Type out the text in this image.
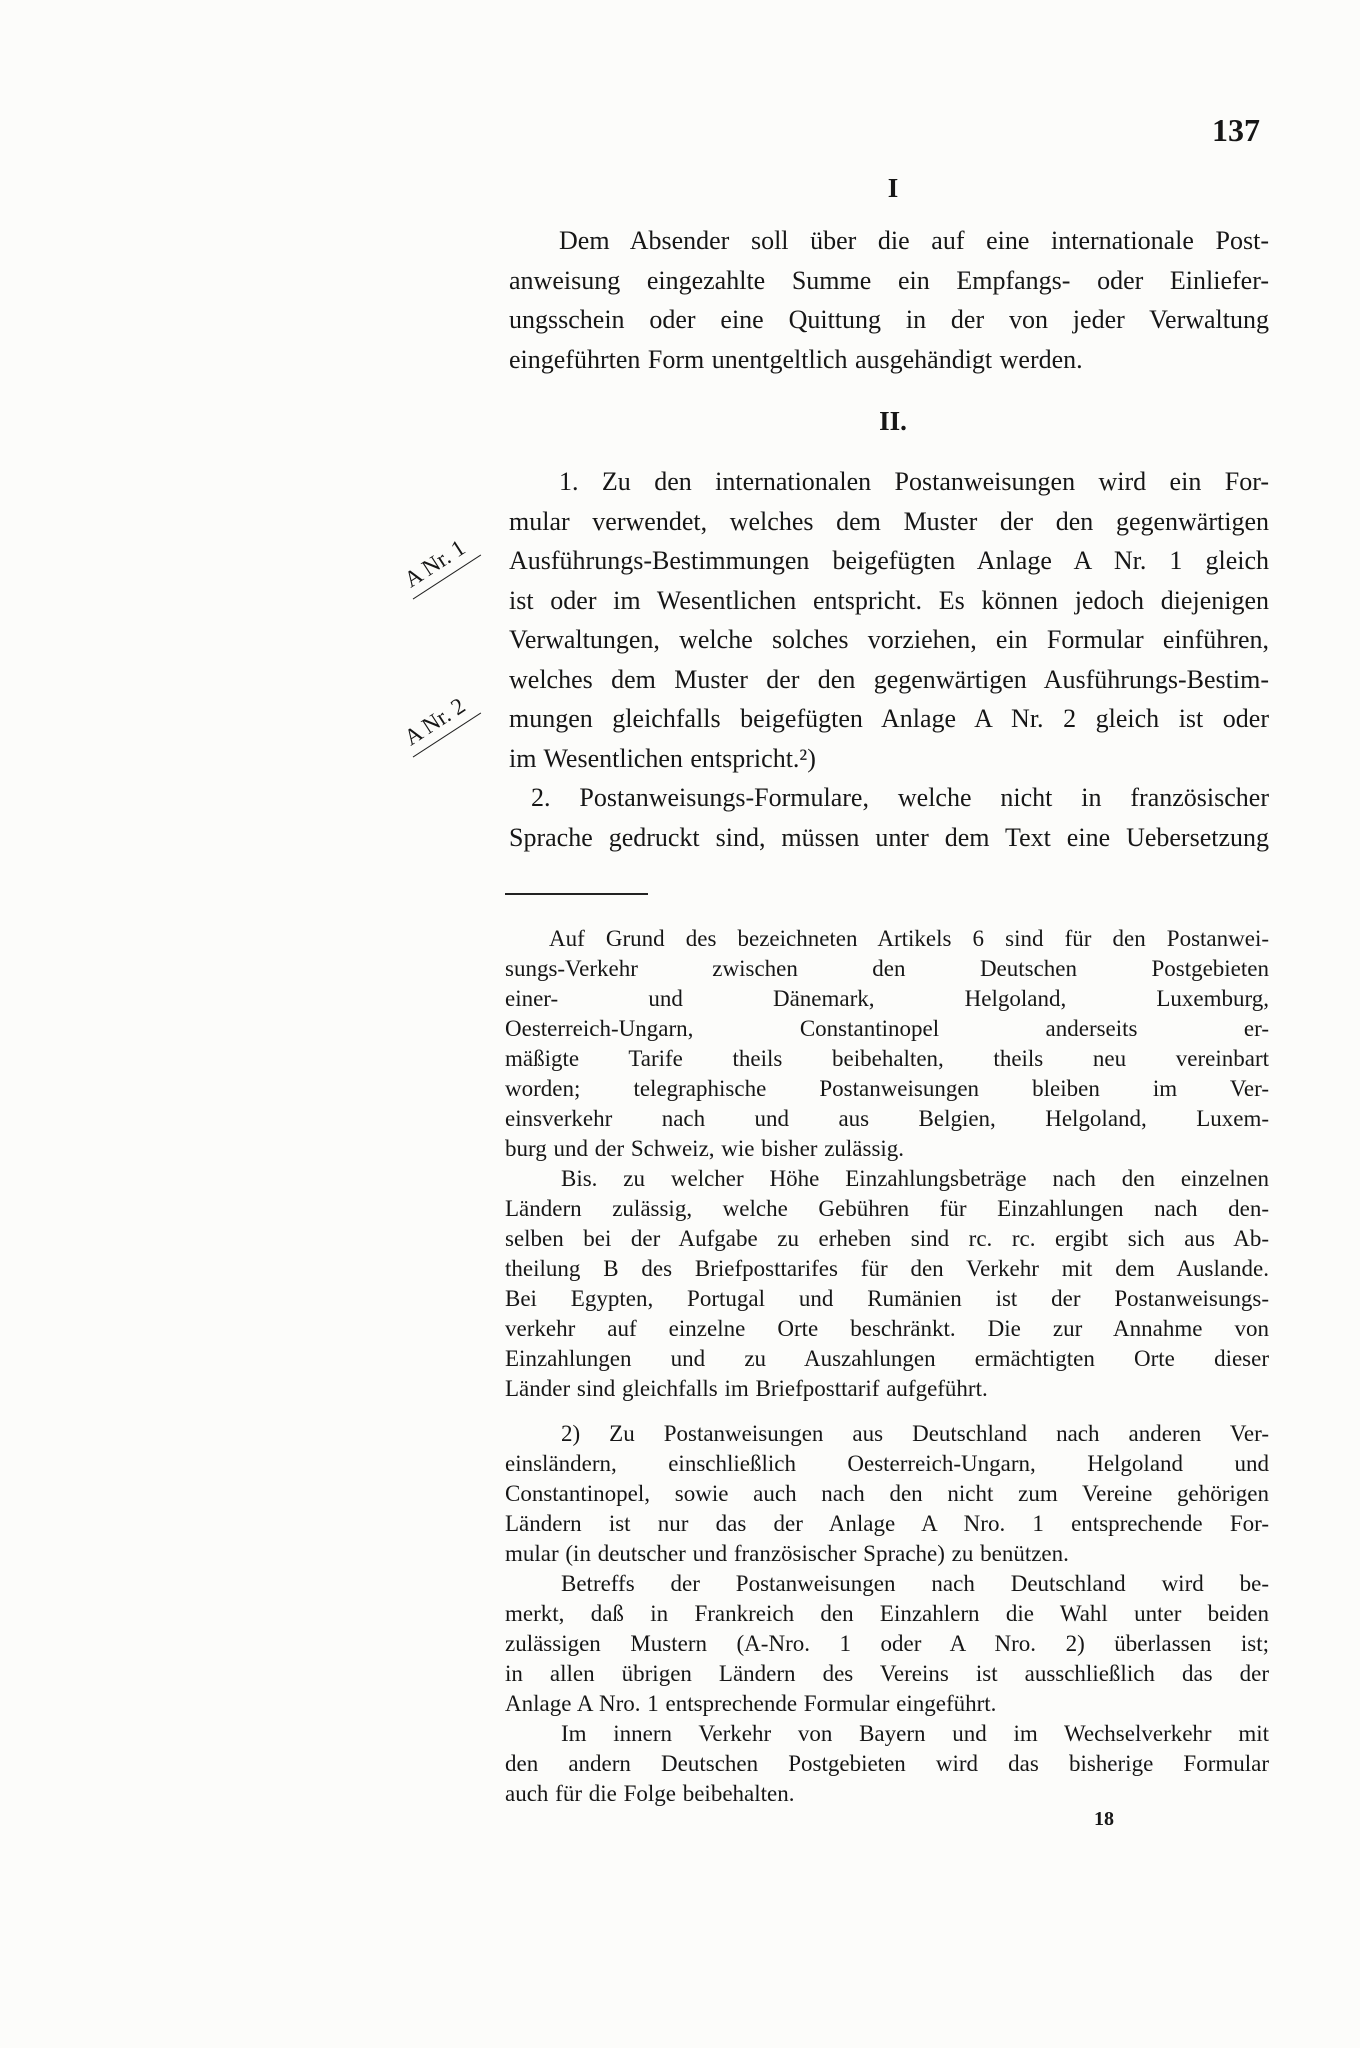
137
I
Dem Absender soll über die auf eine internationale Post-
anweisung eingezahlte Summe ein Empfangs- oder Einliefer-
ungsschein oder eine Quittung in der von jeder Verwaltung
eingeführten Form unentgeltlich ausgehändigt werden.
II.
1. Zu den internationalen Postanweisungen wird ein For-
mular verwendet, welches dem Muster der den gegenwärtigen
Ausführungs-Bestimmungen beigefügten Anlage A Nr. 1 gleich
ist oder im Wesentlichen entspricht. Es können jedoch diejenigen
Verwaltungen, welche solches vorziehen, ein Formular einführen,
welches dem Muster der den gegenwärtigen Ausführungs-Bestim-
mungen gleichfalls beigefügten Anlage A Nr. 2 gleich ist oder
im Wesentlichen entspricht.²)
2. Postanweisungs-Formulare, welche nicht in französischer
Sprache gedruckt sind, müssen unter dem Text eine Uebersetzung
A Nr. 1
A Nr. 2
Auf Grund des bezeichneten Artikels 6 sind für den Postanwei-
sungs-Verkehr zwischen den Deutschen Postgebieten
einer- und Dänemark, Helgoland, Luxemburg,
Oesterreich-Ungarn, Constantinopel anderseits er-
mäßigte Tarife theils beibehalten, theils neu vereinbart
worden; telegraphische Postanweisungen bleiben im Ver-
einsverkehr nach und aus Belgien, Helgoland, Luxem-
burg und der Schweiz, wie bisher zulässig.
Bis. zu welcher Höhe Einzahlungsbeträge nach den einzelnen
Ländern zulässig, welche Gebühren für Einzahlungen nach den-
selben bei der Aufgabe zu erheben sind rc. rc. ergibt sich aus Ab-
theilung B des Briefposttarifes für den Verkehr mit dem Auslande.
Bei Egypten, Portugal und Rumänien ist der Postanweisungs-
verkehr auf einzelne Orte beschränkt. Die zur Annahme von
Einzahlungen und zu Auszahlungen ermächtigten Orte dieser
Länder sind gleichfalls im Briefposttarif aufgeführt.
2) Zu Postanweisungen aus Deutschland nach anderen Ver-
einsländern, einschließlich Oesterreich-Ungarn, Helgoland und
Constantinopel, sowie auch nach den nicht zum Vereine gehörigen
Ländern ist nur das der Anlage A Nro. 1 entsprechende For-
mular (in deutscher und französischer Sprache) zu benützen.
Betreffs der Postanweisungen nach Deutschland wird be-
merkt, daß in Frankreich den Einzahlern die Wahl unter beiden
zulässigen Mustern (A-Nro. 1 oder A Nro. 2) überlassen ist;
in allen übrigen Ländern des Vereins ist ausschließlich das der
Anlage A Nro. 1 entsprechende Formular eingeführt.
Im innern Verkehr von Bayern und im Wechselverkehr mit
den andern Deutschen Postgebieten wird das bisherige Formular
auch für die Folge beibehalten.
18
